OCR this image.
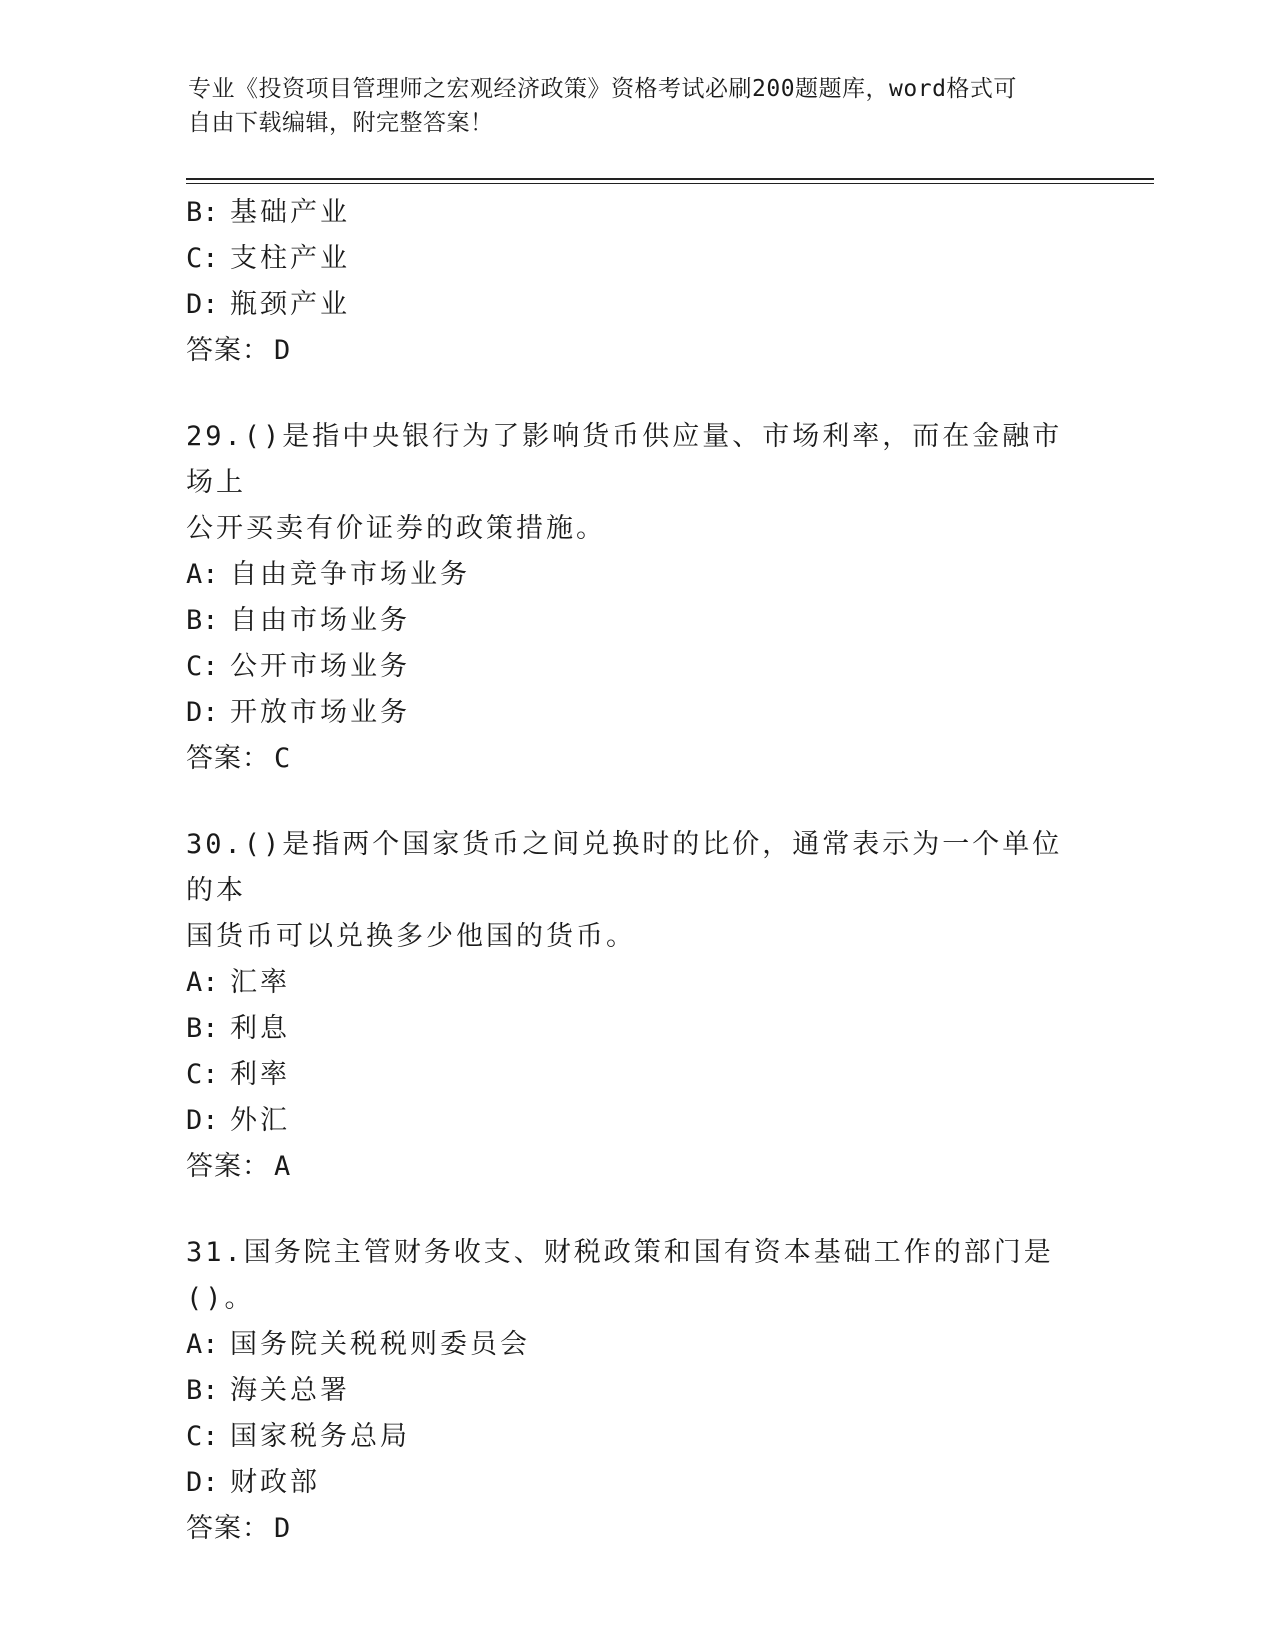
专业《投资项目管理师之宏观经济政策》资格考试必刷200题题库，word格式可
自由下载编辑，附完整答案！
B: 基础产业
C: 支柱产业
D: 瓶颈产业
答案： D
29.()是指中央银行为了影响货币供应量、市场利率，而在金融市场上
公开买卖有价证券的政策措施。
A: 自由竞争市场业务
B: 自由市场业务
C: 公开市场业务
D: 开放市场业务
答案： C
30.()是指两个国家货币之间兑换时的比价，通常表示为一个单位的本
国货币可以兑换多少他国的货币。
A: 汇率
B: 利息
C: 利率
D: 外汇
答案： A
31.国务院主管财务收支、财税政策和国有资本基础工作的部门是()。
A: 国务院关税税则委员会
B: 海关总署
C: 国家税务总局
D: 财政部
答案： D
